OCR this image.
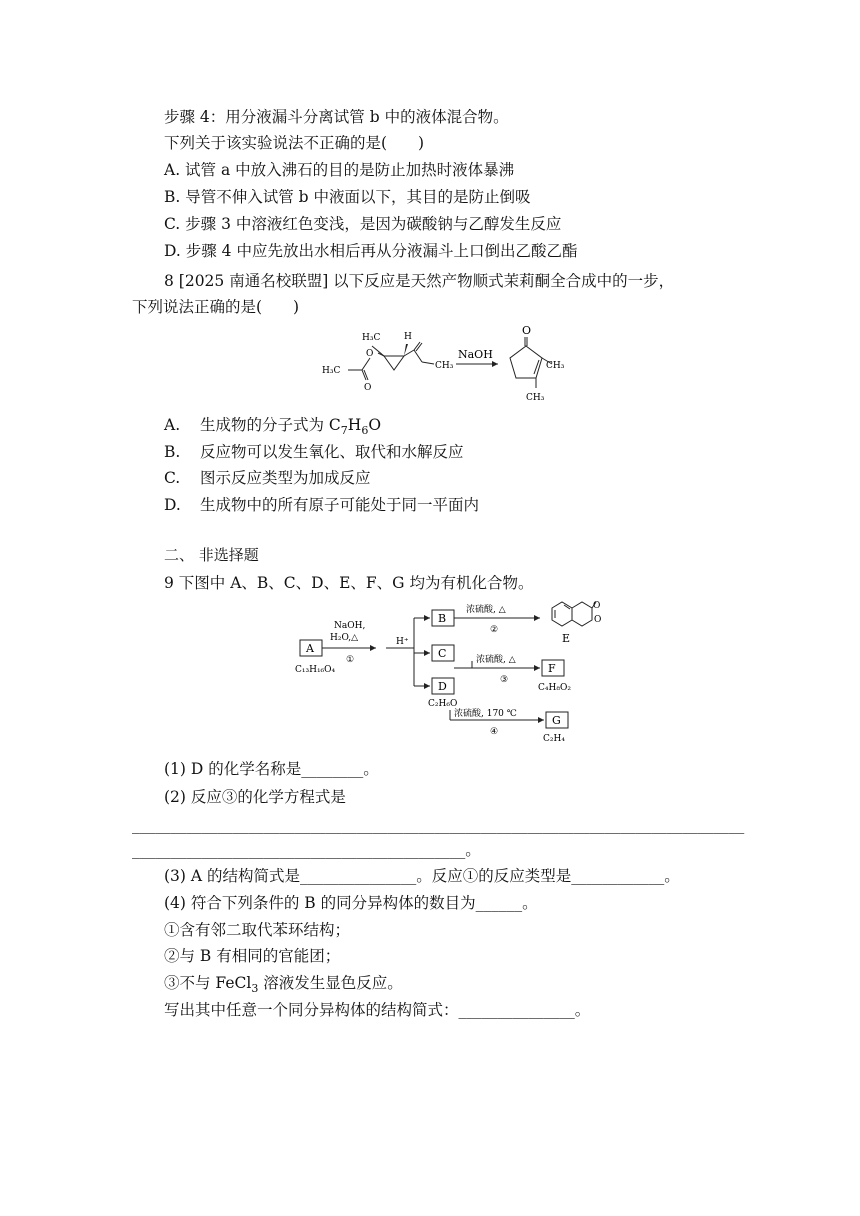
步骤 4：用分液漏斗分离试管 b 中的液体混合物。
下列关于该实验说法不正确的是(　　)
A. 试管 a 中放入沸石的目的是防止加热时液体暴沸
B. 导管不伸入试管 b 中液面以下，其目的是防止倒吸
C. 步骤 3 中溶液红色变浅，是因为碳酸钠与乙醇发生反应
D. 步骤 4 中应先放出水相后再从分液漏斗上口倒出乙酸乙酯
8 [2025 南通名校联盟] 以下反应是天然产物顺式茉莉酮全合成中的一步，
下列说法正确的是(　　)
H₃C	H
O
O
H₃C	CH₃
NaOH
O
CH₃
CH₃
A. 生成物的分子式为 $C_7H_6O$
B. 反应物可以发生氧化、取代和水解反应
C. 图示反应类型为加成反应
D. 生成物中的所有原子可能处于同一平面内
二、 非选择题
9 下图中 A、B、C、D、E、F、G 均为有机化合物。
A
C₁₃H₁₆O₄
NaOH,
H₂O,△
①
H⁺
B
浓硫酸, △
②
O
O
E
C	浓硫酸, △
③
F
C₄H₈O₂
D
C₂H₆O
浓硫酸, 170 ℃
④
G
C₂H₄
(1) D 的化学名称是________。
(2) 反应③的化学方程式是
_______________________________________________________________________________
___________________________________________。
(3) A 的结构简式是_______________。反应①的反应类型是____________。
(4) 符合下列条件的 B 的同分异构体的数目为______。
①含有邻二取代苯环结构；
②与 B 有相同的官能团；
③不与 FeCl$_3$ 溶液发生显色反应。
写出其中任意一个同分异构体的结构简式：_______________。
